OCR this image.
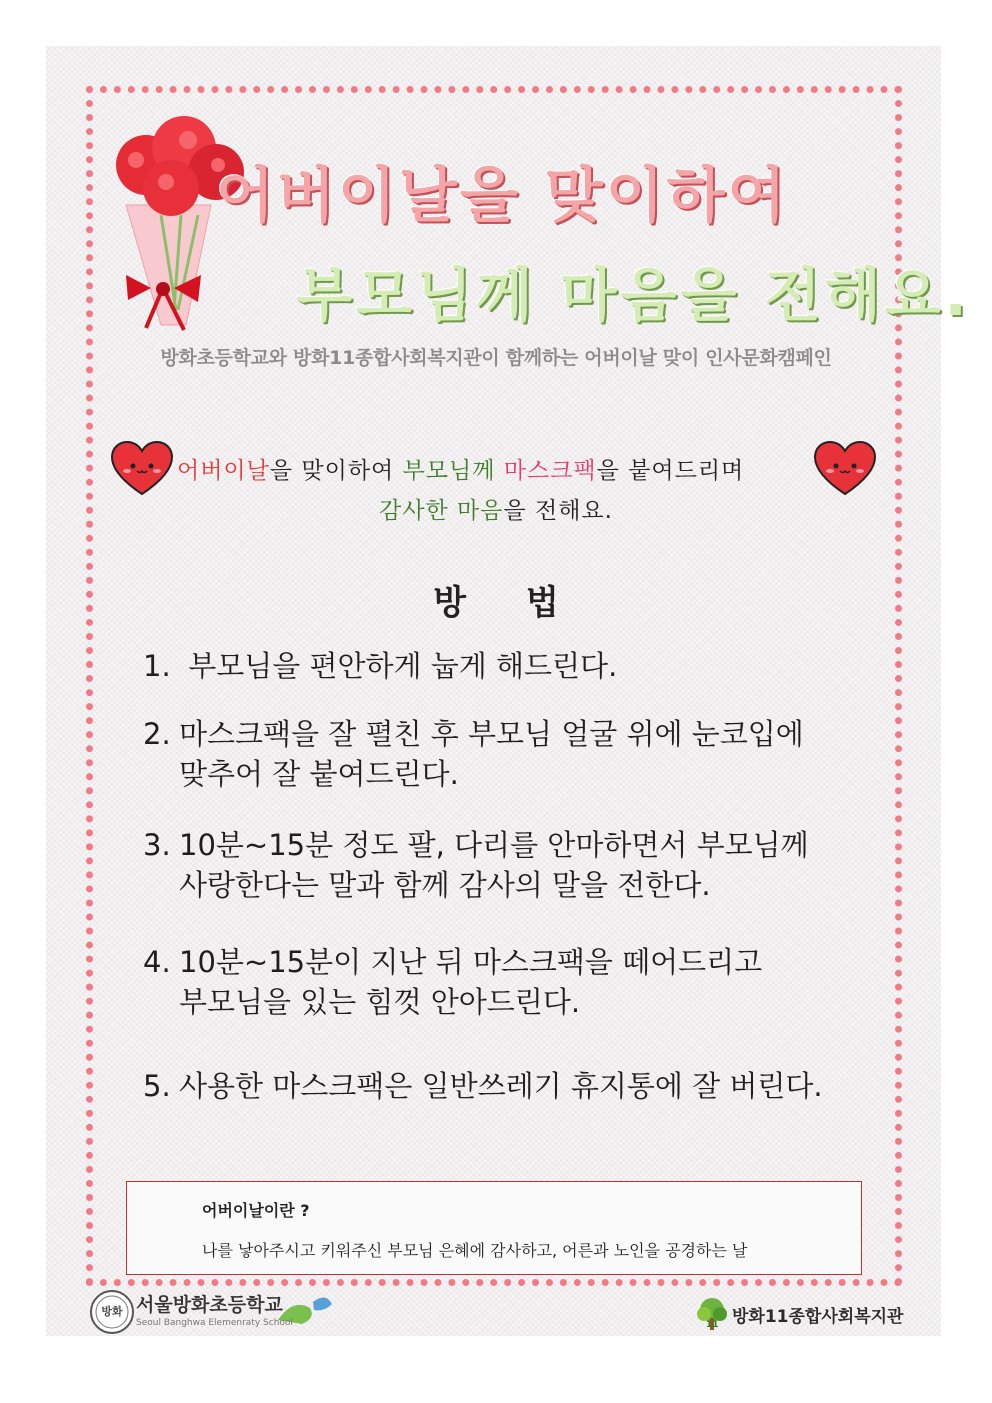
어버이날을 맞이하여
부모님께 마음을 전해요.
방화초등학교와 방화11종합사회복지관이 함께하는 어버이날 맞이 인사문화캠페인
어버이날을 맞이하여 부모님께 마스크팩을 붙여드리며
감사한 마음을 전해요.
방 법
1. 부모님을 편안하게 눕게 해드린다.
2. 마스크팩을 잘 펼친 후 부모님 얼굴 위에 눈코입에
맞추어 잘 붙여드린다.
3. 10분~15분 정도 팔, 다리를 안마하면서 부모님께
사랑한다는 말과 함께 감사의 말을 전한다.
4. 10분~15분이 지난 뒤 마스크팩을 떼어드리고
부모님을 있는 힘껏 안아드린다.
5. 사용한 마스크팩은 일반쓰레기 휴지통에 잘 버린다.
어버이날이란 ?
나를 낳아주시고 키워주신 부모님 은혜에 감사하고, 어른과 노인을 공경하는 날
방화 서울방화초등학교
Seoul Banghwa Elemenraty School	11 방화11종합사회복지관
